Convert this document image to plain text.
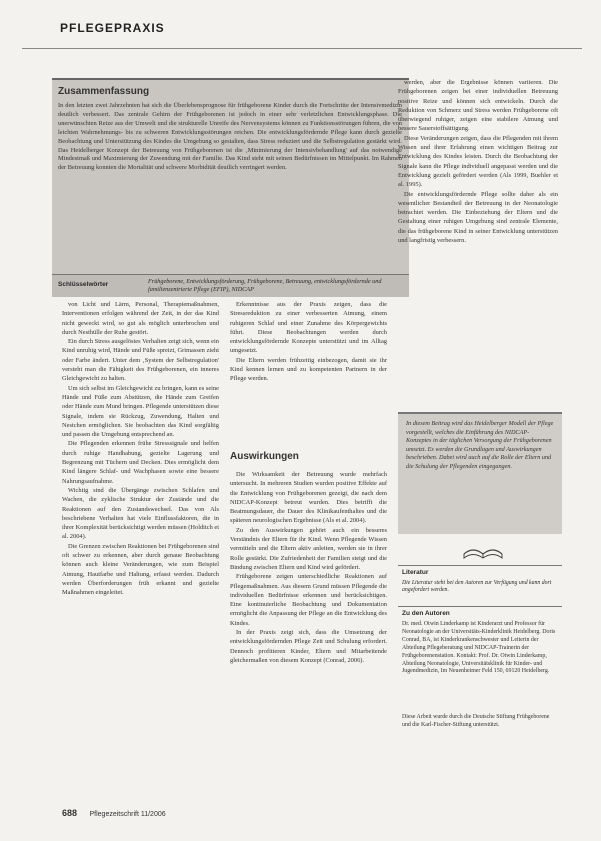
PFLEGEPRAXIS
Zusammenfassung
In den letzten zwei Jahrzehnten hat sich die Überlebensprognose für frühgeborene Kinder durch die Fortschritte der Intensivmedizin deutlich verbessert. Das zentrale Gehirn der Frühgeborenen ist jedoch in einer sehr verletzlichen Entwicklungsphase. Die unerwünschten Reize aus der Umwelt und die strukturelle Unreife des Nervensystems können zu Funktionsstörungen führen, die von leichten Wahrnehmungs- bis zu schweren Entwicklungsstörungen reichen. Die entwicklungsfördernde Pflege kann durch gezielte Beobachtung und Unterstützung des Kindes die Umgebung so gestalten, dass Stress reduziert und die Selbstregulation gestärkt wird. Das Heidelberger Konzept der Betreuung von Frühgeborenen ist die ‚Minimierung der Intensivbehandlung' auf das notwendige Mindestmaß und Maximierung der Zuwendung mit der Familie. Das Kind steht mit seinen Bedürfnissen im Mittelpunkt. Im Rahmen der Betreuung konnten die Mortalität und schwere Morbidität deutlich verringert werden.
Schlüsselwörter	Frühgeborene, Entwicklungsförderung, Frühgeborene, Betreuung, entwicklungsfördernde und familienzentrierte Pflege (EFIP), NIDCAP

von Licht und Lärm, Personal, Therapiemaßnahmen, Interventionen erfolgen während der Zeit, in der das Kind nicht geweckt wird, so gut als möglich unterbrochen und durch Nesthülle der Ruhe gestört.

Ein durch Stress ausgelöstes Verhalten zeigt sich, wenn ein Kind unruhig wird, Hände und Füße spreizt, Grimassen zieht oder Farbe ändert. Unter dem ‚System der Selbstregulation' versteht man die Fähigkeit des Frühgeborenen, ein inneres Gleichgewicht zu halten.

Um sich selbst im Gleichgewicht zu bringen, kann es seine Hände und Füße zum Abstützen, die Hände zum Greifen oder Hände zum Mund bringen. Pflegende unterstützen diese Signale, indem sie Rückzug, Zuwendung, Halten und Nestchen ermöglichen. Sie beobachten das Kind sorgfältig und passen die Umgebung entsprechend an.

Die Pflegenden erkennen frühe Stresssignale und helfen durch ruhige Handhabung, gezielte Lagerung und Begrenzung mit Tüchern und Decken. Dies ermöglicht dem Kind längere Schlaf- und Wachphasen sowie eine bessere Nahrungsaufnahme.

Wichtig sind die Übergänge zwischen Schlafen und Wachen, die zyklische Struktur der Zustände und die Reaktionen auf den Zustandswechsel. Das von Als beschriebene Verhalten hat viele Einflussfaktoren, die in ihrer Komplexität berücksichtigt werden müssen (Holditch et al. 2004).

Die Grenzen zwischen Reaktionen bei Frühgeborenen sind oft schwer zu erkennen, aber durch genaue Beobachtung können auch kleine Veränderungen, wie zum Beispiel Atmung, Hautfarbe und Haltung, erfasst werden. Dadurch werden Überforderungen früh erkannt und gezielte Maßnahmen eingeleitet.

Erkenntnisse aus der Praxis zeigen, dass die Stressreduktion zu einer verbesserten Atmung, einem ruhigeren Schlaf und einer Zunahme des Körpergewichts führt. Diese Beobachtungen werden durch entwicklungsfördernde Konzepte unterstützt und im Alltag umgesetzt.

Die Eltern werden frühzeitig einbezogen, damit sie ihr Kind kennen lernen und zu kompetenten Partnern in der Pflege werden.

Auswirkungen

Die Wirksamkeit der Betreuung wurde mehrfach untersucht. In mehreren Studien wurden positive Effekte auf die Entwicklung von Frühgeborenen gezeigt, die nach dem NIDCAP-Konzept betreut wurden. Dies betrifft die Beatmungsdauer, die Dauer des Klinikaufenthaltes und die späteren neurologischen Ergebnisse (Als et al. 2004).

Zu den Auswirkungen gehört auch ein besseres Verständnis der Eltern für ihr Kind. Wenn Pflegende Wissen vermitteln und die Eltern aktiv anleiten, werden sie in ihrer Rolle gestärkt. Die Zufriedenheit der Familien steigt und die Bindung zwischen Eltern und Kind wird gefördert.

Frühgeborene zeigen unterschiedliche Reaktionen auf Pflegemaßnahmen. Aus diesem Grund müssen Pflegende die individuellen Bedürfnisse erkennen und berücksichtigen. Eine kontinuierliche Beobachtung und Dokumentation ermöglicht die Anpassung der Pflege an die Entwicklung des Kindes.

In der Praxis zeigt sich, dass die Umsetzung der entwicklungsfördernden Pflege Zeit und Schulung erfordert. Dennoch profitieren Kinder, Eltern und Mitarbeitende gleichermaßen von diesem Konzept (Conrad, 2006).

werden, aber die Ergebnisse können variieren. Die Frühgeborenen zeigen bei einer individuellen Betreuung positive Reize und können sich entwickeln. Durch die Reduktion von Schmerz und Stress werden Frühgeborene oft überwiegend ruhiger, zeigen eine stabilere Atmung und bessere Sauerstoffsättigung.

Diese Veränderungen zeigen, dass die Pflegenden mit ihrem Wissen und ihrer Erfahrung einen wichtigen Beitrag zur Entwicklung des Kindes leisten. Durch die Beobachtung der Signale kann die Pflege individuell angepasst werden und die Entwicklung gezielt gefördert werden (Als 1999, Buehler et al. 1995).

Die entwicklungsfördernde Pflege sollte daher als ein wesentlicher Bestandteil der Betreuung in der Neonatologie betrachtet werden. Die Einbeziehung der Eltern und die Gestaltung einer ruhigen Umgebung sind zentrale Elemente, die das frühgeborene Kind in seiner Entwicklung unterstützen und langfristig verbessern.

In diesem Beitrag wird das Heidelberger Modell der Pflege vorgestellt, welches die Einführung des NIDCAP-Konzeptes in der täglichen Versorgung der Frühgeborenen umsetzt. Es werden die Grundlagen und Auswirkungen beschrieben. Dabei wird auch auf die Rolle der Eltern und die Schulung der Pflegenden eingegangen.
Literatur
Die Literatur steht bei den Autoren zur Verfügung und kann dort angefordert werden.
Zu den Autoren
Dr. med. Otwin Linderkamp ist Kinderarzt und Professor für Neonatologie an der Universitäts-Kinderklinik Heidelberg. Doris Conrad, BA, ist Kinderkrankenschwester und Leiterin der Abteilung Pflegeberatung und NIDCAP-Trainerin der Frühgeborenenstation. Kontakt: Prof. Dr. Otwin Linderkamp, Abteilung Neonatologie, Universitätsklinik für Kinder- und Jugendmedizin, Im Neuenheimer Feld 150, 69120 Heidelberg.
Diese Arbeit wurde durch die Deutsche Stiftung Frühgeborene und die Karl-Fischer-Stiftung unterstützt.
688 Pflegezeitschrift 11/2006
